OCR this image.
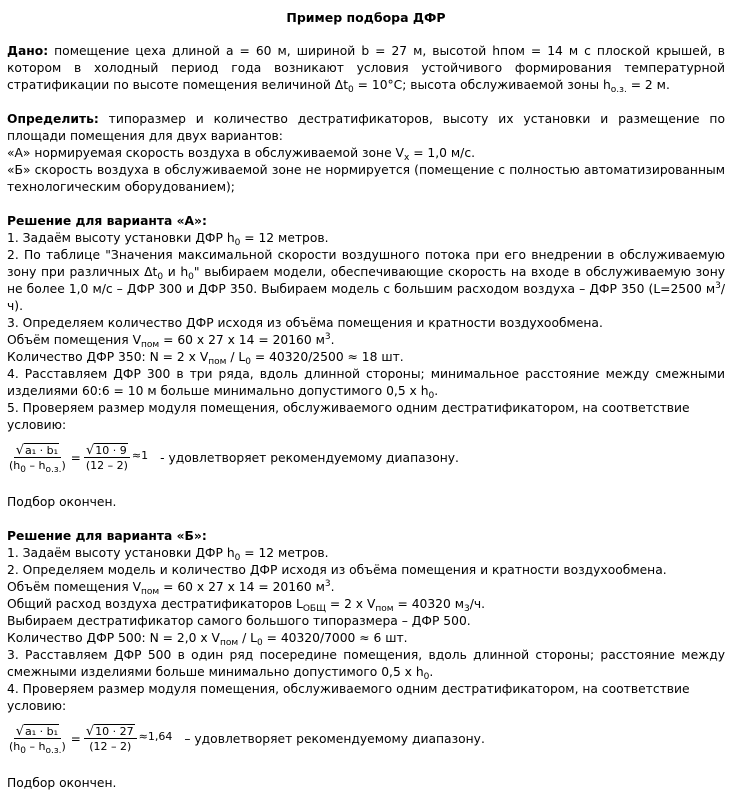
Пример подбора ДФР

Дано: помещение цеха длиной a = 60 м, шириной b = 27 м, высотой hпом = 14 м с плоской крышей, в котором в холодный период года возникают условия устойчивого формирования температурной стратификации по высоте помещения величиной $\Delta t_0 = 10^\circ C$; высота обслуживаемой зоны $h_{о.з.} = 2$ м.

Определить: типоразмер и количество дестратификаторов, высоту их установки и размещение по площади помещения для двух вариантов:

«А» нормируемая скорость воздуха в обслуживаемой зоне $V_x = 1,0$ м/с.

«Б» скорость воздуха в обслуживаемой зоне не нормируется (помещение с полностью автоматизированным технологическим оборудованием);

Решение для варианта «А»:

1. Задаём высоту установки ДФР $h_0 = 12$ метров.

2. По таблице "Значения максимальной скорости воздушного потока при его внедрении в обслуживаемую зону при различных $\Delta t_0$ и $h_0$" выбираем модели, обеспечивающие скорость на входе в обслуживаемую зону не более 1,0 м/с – ДФР 300 и ДФР 350. Выбираем модель с большим расходом воздуха – ДФР 350 (L=2500 $м^3/ч$).

3. Определяем количество ДФР исходя из объёма помещения и кратности воздухообмена.

Объём помещения $V_{пом} = 60$ x 27 x 14 = 20160 $м^3$.

Количество ДФР 350: N = 2 x $V_{пом} / L_0 = 40320/2500 \approx 18$ шт.

4. Расставляем ДФР 300 в три ряда, вдоль длинной стороны; минимальное расстояние между смежными изделиями 60:6 = 10 м больше минимально допустимого 0,5 x $h_0$.

5. Проверяем размер модуля помещения, обслуживаемого одним дестратификатором, на соответствие условию:

$\frac{\text{√a₁ · b₁}}{(h_0 - h_{о.з.})} = \frac{√10 \cdot 9}{(12 - 2)} \approx 1$ - удовлетворяет рекомендуемому диапазону.

Подбор окончен.

Решение для варианта «Б»:

1. Задаём высоту установки ДФР $h_0 = 12$ метров.

2. Определяем модель и количество ДФР исходя из объёма помещения и кратности воздухообмена.

Объём помещения $V_{пом} = 60$ x 27 x 14 = 20160 $м^3$.

Общий расход воздуха дестратификаторов $L_{ОБЩ} = 2$ x $V_{пом} = 40320$ $м_3/ч$.

Выбираем дестратификатор самого большого типоразмера – ДФР 500.

Количество ДФР 500: N = 2,0 x $V_{пом} / L_0 = 40320/7000 \approx 6$ шт.

3. Расставляем ДФР 500 в один ряд посередине помещения, вдоль длинной стороны; расстояние между смежными изделиями больше минимально допустимого 0,5 x $h_0$.

4. Проверяем размер модуля помещения, обслуживаемого одним дестратификатором, на соответствие условию:

$\frac{\text{√a₁ · b₁}}{(h_0 - h_{о.з.})} = \frac{√10 \cdot 27}{(12 - 2)} \approx 1,64$ – удовлетворяет рекомендуемому диапазону.

Подбор окончен.
